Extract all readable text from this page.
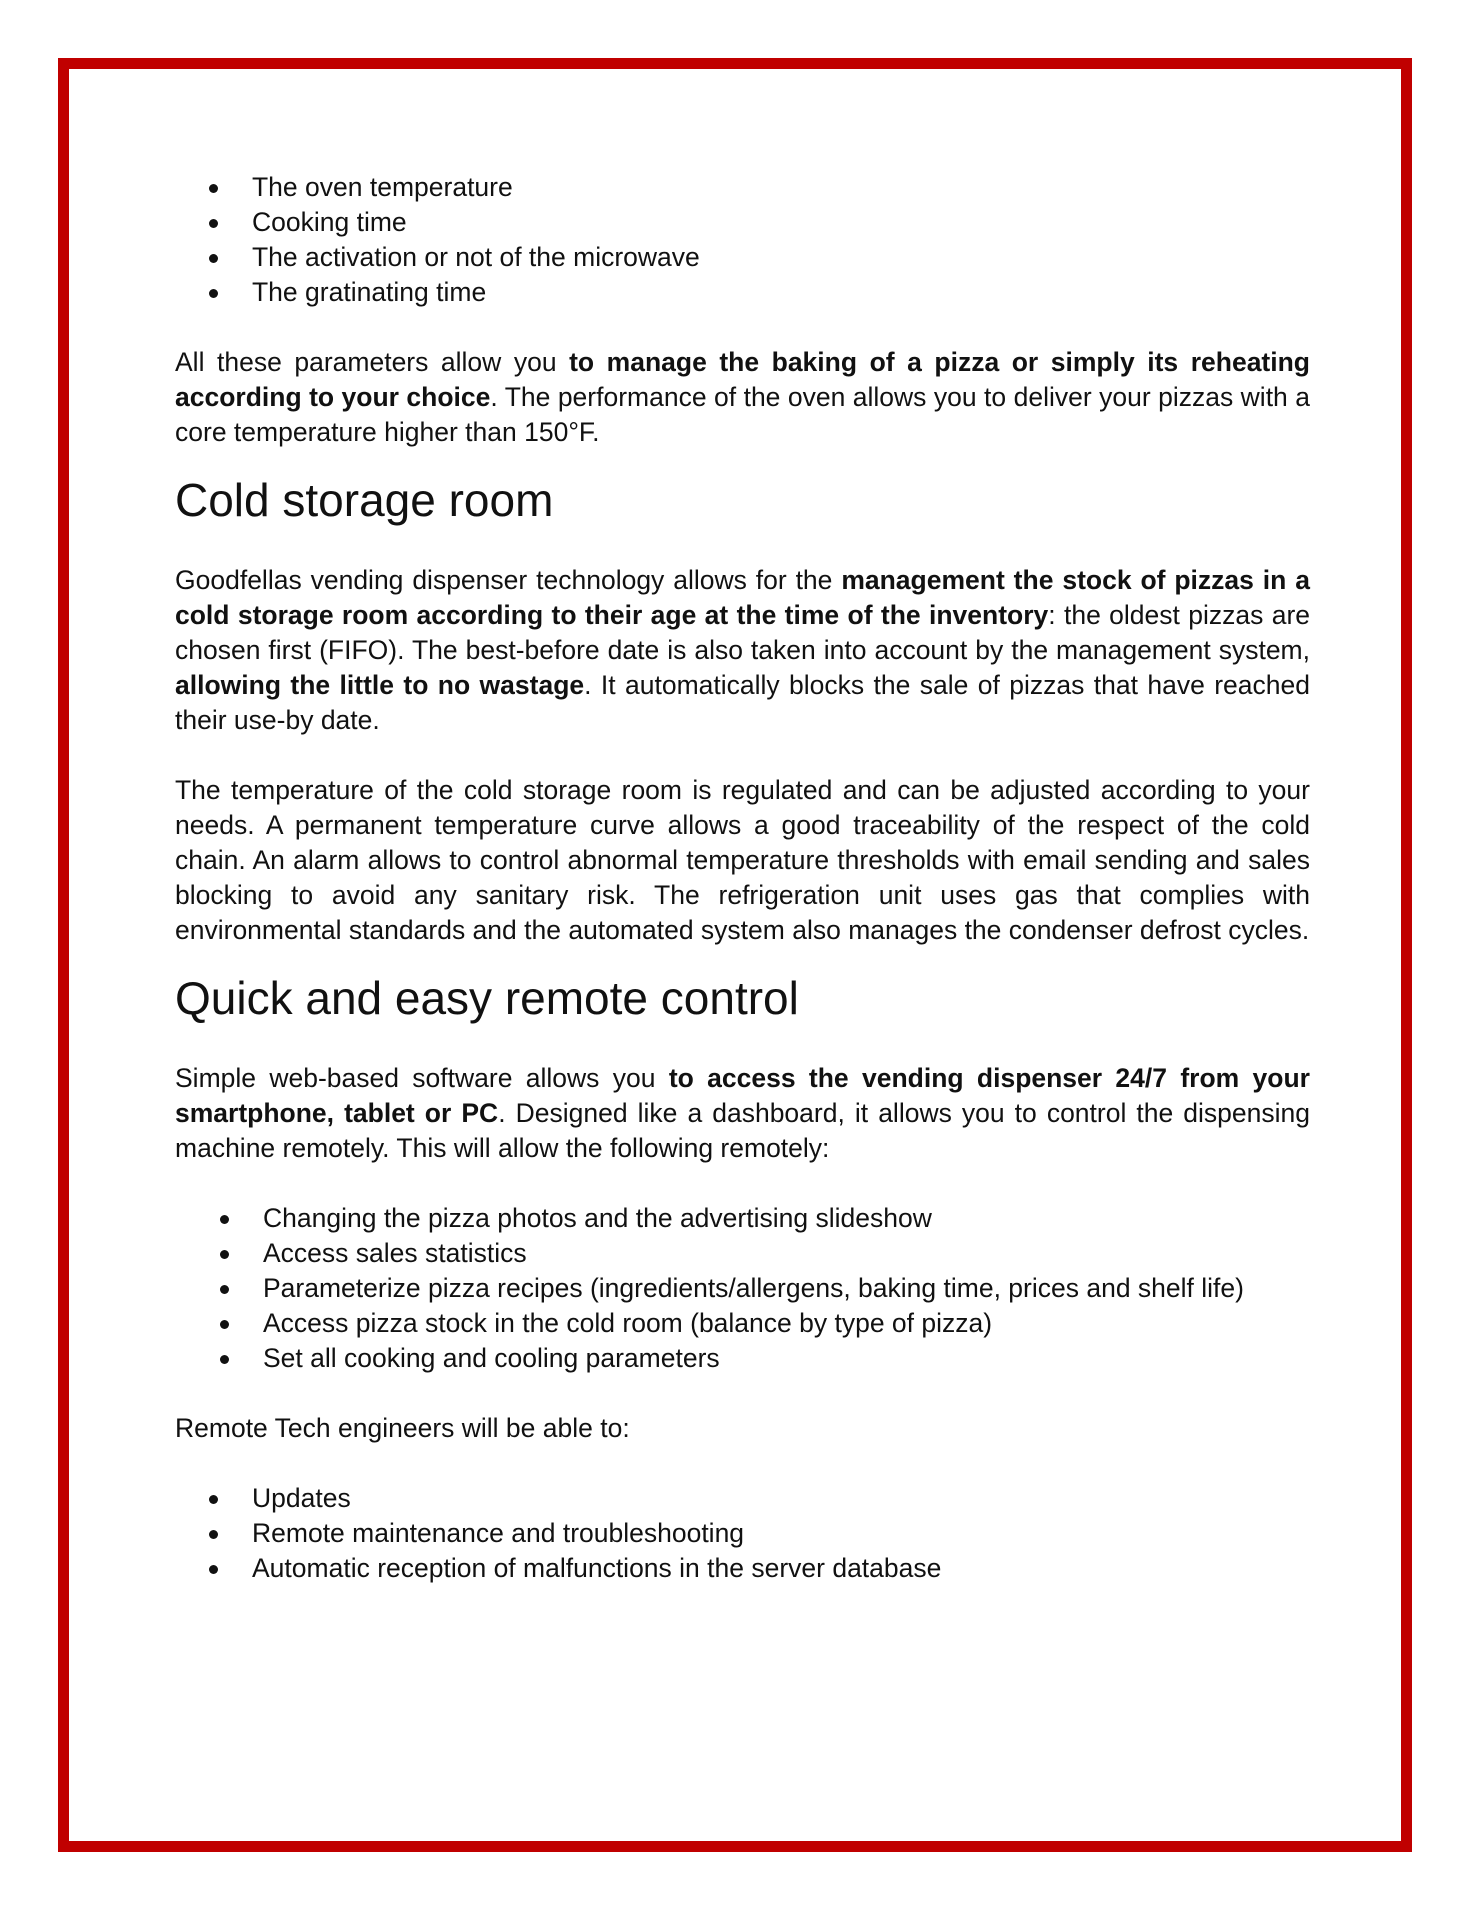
The oven temperature
Cooking time
The activation or not of the microwave
The gratinating time

All these parameters allow you to manage the baking of a pizza or simply its reheating according to your choice. The performance of the oven allows you to deliver your pizzas with a core temperature higher than 150°F.

Cold storage room

Goodfellas vending dispenser technology allows for the management the stock of pizzas in a cold storage room according to their age at the time of the inventory: the oldest pizzas are chosen first (FIFO). The best-before date is also taken into account by the management system, allowing the little to no wastage. It automatically blocks the sale of pizzas that have reached their use-by date.

The temperature of the cold storage room is regulated and can be adjusted according to your needs. A permanent temperature curve allows a good traceability of the respect of the cold chain. An alarm allows to control abnormal temperature thresholds with email sending and sales blocking to avoid any sanitary risk. The refrigeration unit uses gas that complies with environmental standards and the automated system also manages the condenser defrost cycles.

Quick and easy remote control

Simple web-based software allows you to access the vending dispenser 24/7 from your smartphone, tablet or PC. Designed like a dashboard, it allows you to control the dispensing machine remotely. This will allow the following remotely:

Changing the pizza photos and the advertising slideshow
Access sales statistics
Parameterize pizza recipes (ingredients/allergens, baking time, prices and shelf life)
Access pizza stock in the cold room (balance by type of pizza)
Set all cooking and cooling parameters

Remote Tech engineers will be able to:

Updates
Remote maintenance and troubleshooting
Automatic reception of malfunctions in the server database
